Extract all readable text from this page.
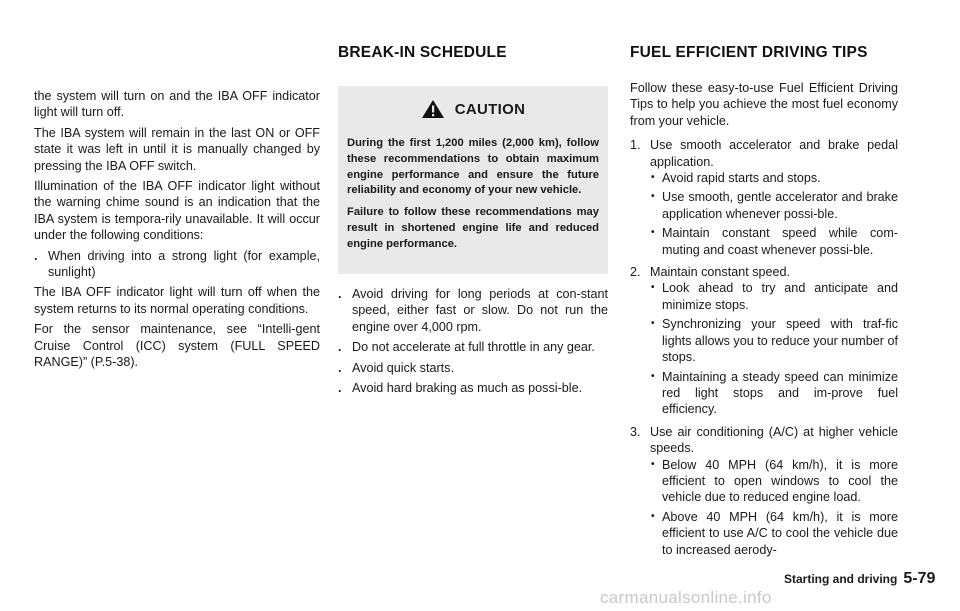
BREAK-IN SCHEDULE	FUEL EFFICIENT DRIVING TIPS

the system will turn on and the IBA OFF indicator light will turn off.

The IBA system will remain in the last ON or OFF state it was left in until it is manually changed by pressing the IBA OFF switch.

Illumination of the IBA OFF indicator light without the warning chime sound is an indication that the IBA system is tempora-rily unavailable. It will occur under the following conditions:

. When driving into a strong light (for example, sunlight)

The IBA OFF indicator light will turn off when the system returns to its normal operating conditions.

For the sensor maintenance, see “Intelli-gent Cruise Control (ICC) system (FULL SPEED RANGE)” (P.5-38).

CAUTION

During the first 1,200 miles (2,000 km), follow these recommendations to obtain maximum engine performance and ensure the future reliability and economy of your new vehicle.

Failure to follow these recommendations may result in shortened engine life and reduced engine performance.

. Avoid driving for long periods at con-stant speed, either fast or slow. Do not run the engine over 4,000 rpm.
. Do not accelerate at full throttle in any gear.
. Avoid quick starts.
. Avoid hard braking as much as possi-ble.

Follow these easy-to-use Fuel Efficient Driving Tips to help you achieve the most fuel economy from your vehicle.

1. Use smooth accelerator and brake pedal application.
• Avoid rapid starts and stops.
• Use smooth, gentle accelerator and brake application whenever possi-ble.
• Maintain constant speed while com-muting and coast whenever possi-ble.
2. Maintain constant speed.
• Look ahead to try and anticipate and minimize stops.
• Synchronizing your speed with traf-fic lights allows you to reduce your number of stops.
• Maintaining a steady speed can minimize red light stops and im-prove fuel efficiency.
3. Use air conditioning (A/C) at higher vehicle speeds.
• Below 40 MPH (64 km/h), it is more efficient to open windows to cool the vehicle due to reduced engine load.
• Above 40 MPH (64 km/h), it is more efficient to use A/C to cool the vehicle due to increased aerody-
Starting and driving 5-79
carmanualsonline.info
